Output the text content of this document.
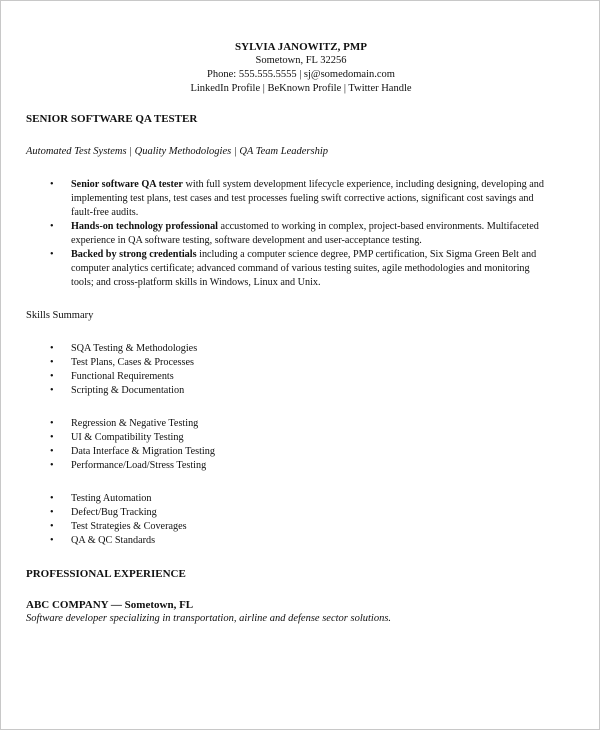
SYLVIA JANOWITZ, PMP
Sometown, FL 32256
Phone: 555.555.5555 | sj@somedomain.com
LinkedIn Profile | BeKnown Profile | Twitter Handle
SENIOR SOFTWARE QA TESTER
Automated Test Systems | Quality Methodologies | QA Team Leadership
•	Senior software QA tester with full system development lifecycle experience, including designing, developing and implementing test plans, test cases and test processes fueling swift corrective actions, significant cost savings and fault-free audits.
•	Hands-on technology professional accustomed to working in complex, project-based environments. Multifaceted experience in QA software testing, software development and user-acceptance testing.
•	Backed by strong credentials including a computer science degree, PMP certification, Six Sigma Green Belt and computer analytics certificate; advanced command of various testing suites, agile methodologies and monitoring tools; and cross-platform skills in Windows, Linux and Unix.
Skills Summary
• SQA Testing & Methodologies
• Test Plans, Cases & Processes
• Functional Requirements
• Scripting & Documentation
• Regression & Negative Testing
• UI & Compatibility Testing
• Data Interface & Migration Testing
• Performance/Load/Stress Testing
• Testing Automation
• Defect/Bug Tracking
• Test Strategies & Coverages
• QA & QC Standards
PROFESSIONAL EXPERIENCE
ABC COMPANY — Sometown, FL
Software developer specializing in transportation, airline and defense sector solutions.
